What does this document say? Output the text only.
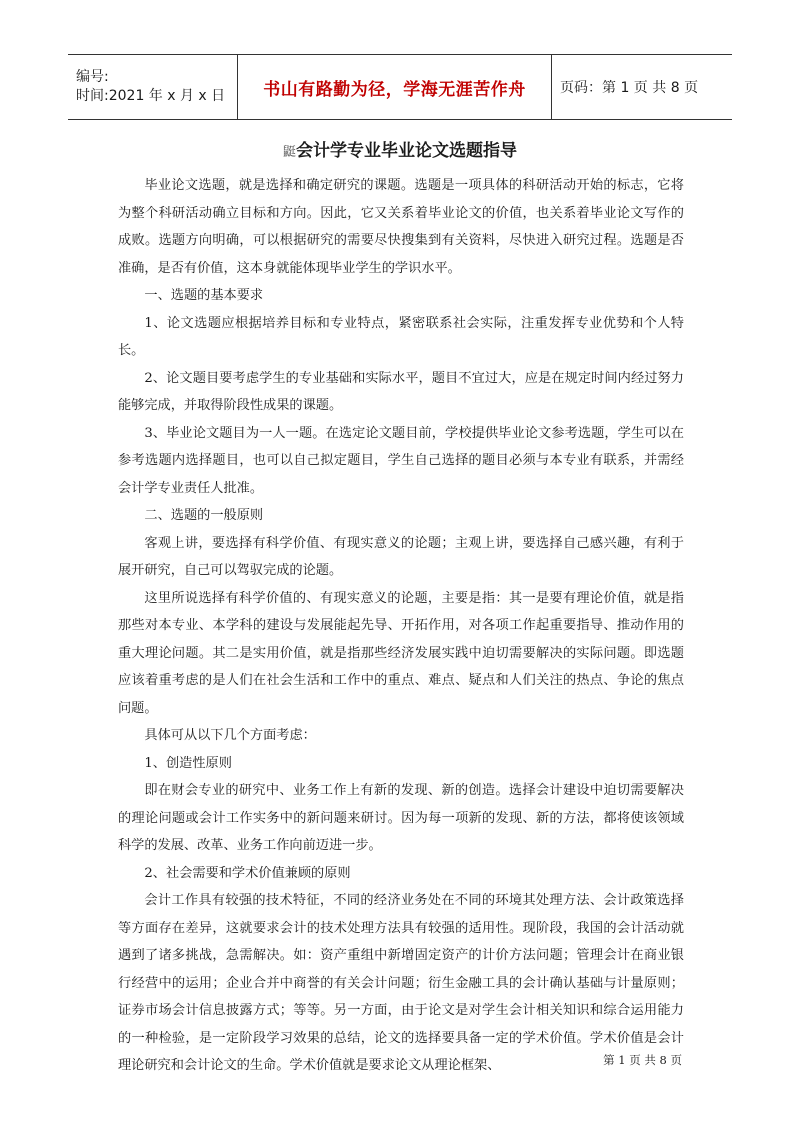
编号:
时间:2021 年 x 月 x 日	书山有路勤为径，学海无涯苦作舟	页码：第 1 页 共 8 页
鼮会计学专业毕业论文选题指导

毕业论文选题，就是选择和确定研究的课题。选题是一项具体的科研活动开始的标志，它将为整个科研活动确立目标和方向。因此，它又关系着毕业论文的价值，也关系着毕业论文写作的成败。选题方向明确，可以根据研究的需要尽快搜集到有关资料，尽快进入研究过程。选题是否准确，是否有价值，这本身就能体现毕业学生的学识水平。

一、选题的基本要求

1、论文选题应根据培养目标和专业特点，紧密联系社会实际，注重发挥专业优势和个人特长。

2、论文题目要考虑学生的专业基础和实际水平，题目不宜过大，应是在规定时间内经过努力能够完成，并取得阶段性成果的课题。

3、毕业论文题目为一人一题。在选定论文题目前，学校提供毕业论文参考选题，学生可以在参考选题内选择题目，也可以自己拟定题目，学生自己选择的题目必须与本专业有联系，并需经会计学专业责任人批准。

二、选题的一般原则

客观上讲，要选择有科学价值、有现实意义的论题；主观上讲，要选择自己感兴趣，有利于展开研究，自己可以驾驭完成的论题。

这里所说选择有科学价值的、有现实意义的论题，主要是指：其一是要有理论价值，就是指那些对本专业、本学科的建设与发展能起先导、开拓作用，对各项工作起重要指导、推动作用的重大理论问题。其二是实用价值，就是指那些经济发展实践中迫切需要解决的实际问题。即选题应该着重考虑的是人们在社会生活和工作中的重点、难点、疑点和人们关注的热点、争论的焦点问题。

具体可从以下几个方面考虑：

1、创造性原则

即在财会专业的研究中、业务工作上有新的发现、新的创造。选择会计建设中迫切需要解决的理论问题或会计工作实务中的新问题来研讨。因为每一项新的发现、新的方法，都将使该领域科学的发展、改革、业务工作向前迈进一步。

2、社会需要和学术价值兼顾的原则

会计工作具有较强的技术特征，不同的经济业务处在不同的环境其处理方法、会计政策选择等方面存在差异，这就要求会计的技术处理方法具有较强的适用性。现阶段，我国的会计活动就遇到了诸多挑战，急需解决。如：资产重组中新增固定资产的计价方法问题；管理会计在商业银行经营中的运用；企业合并中商誉的有关会计问题；衍生金融工具的会计确认基础与计量原则；证券市场会计信息披露方式；等等。另一方面，由于论文是对学生会计相关知识和综合运用能力的一种检验，是一定阶段学习效果的总结，论文的选择要具备一定的学术价值。学术价值是会计理论研究和会计论文的生命。学术价值就是要求论文从理论框架、	第 1 页 共 8 页
